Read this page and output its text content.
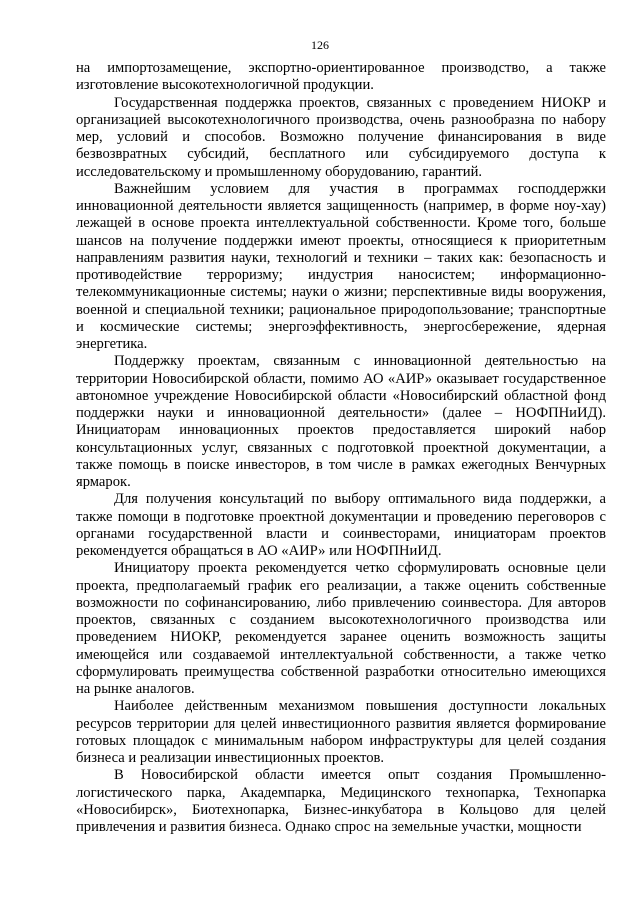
126

на импортозамещение, экспортно-ориентированное производство, а также изготовление высокотехнологичной продукции.

Государственная поддержка проектов, связанных с проведением НИОКР и организацией высокотехнологичного производства, очень разнообразна по набору мер, условий и способов. Возможно получение финансирования в виде безвозвратных субсидий, бесплатного или субсидируемого доступа к исследовательскому и промышленному оборудованию, гарантий.

Важнейшим условием для участия в программах господдержки инновационной деятельности является защищенность (например, в форме ноу-хау) лежащей в основе проекта интеллектуальной собственности. Кроме того, больше шансов на получение поддержки имеют проекты, относящиеся к приоритетным направлениям развития науки, технологий и техники – таких как: безопасность и противодействие терроризму; индустрия наносистем; информационно-телекоммуникационные системы; науки о жизни; перспективные виды вооружения, военной и специальной техники; рациональное природопользование; транспортные и космические системы; энергоэффективность, энергосбережение, ядерная энергетика.

Поддержку проектам, связанным с инновационной деятельностью на территории Новосибирской области, помимо АО «АИР» оказывает государственное автономное учреждение Новосибирской области «Новосибирский областной фонд поддержки науки и инновационной деятельности» (далее – НОФПНиИД). Инициаторам инновационных проектов предоставляется широкий набор консультационных услуг, связанных с подготовкой проектной документации, а также помощь в поиске инвесторов, в том числе в рамках ежегодных Венчурных ярмарок.

Для получения консультаций по выбору оптимального вида поддержки, а также помощи в подготовке проектной документации и проведению переговоров с органами государственной власти и соинвесторами, инициаторам проектов рекомендуется обращаться в АО «АИР» или НОФПНиИД.

Инициатору проекта рекомендуется четко сформулировать основные цели проекта, предполагаемый график его реализации, а также оценить собственные возможности по софинансированию, либо привлечению соинвестора. Для авторов проектов, связанных с созданием высокотехнологичного производства или проведением НИОКР, рекомендуется заранее оценить возможность защиты имеющейся или создаваемой интеллектуальной собственности, а также четко сформулировать преимущества собственной разработки относительно имеющихся на рынке аналогов.

Наиболее действенным механизмом повышения доступности локальных ресурсов территории для целей инвестиционного развития является формирование готовых площадок с минимальным набором инфраструктуры для целей создания бизнеса и реализации инвестиционных проектов.

В Новосибирской области имеется опыт создания Промышленно-логистического парка, Академпарка, Медицинского технопарка, Технопарка «Новосибирск», Биотехнопарка, Бизнес-инкубатора в Кольцово для целей привлечения и развития бизнеса. Однако спрос на земельные участки, мощности
